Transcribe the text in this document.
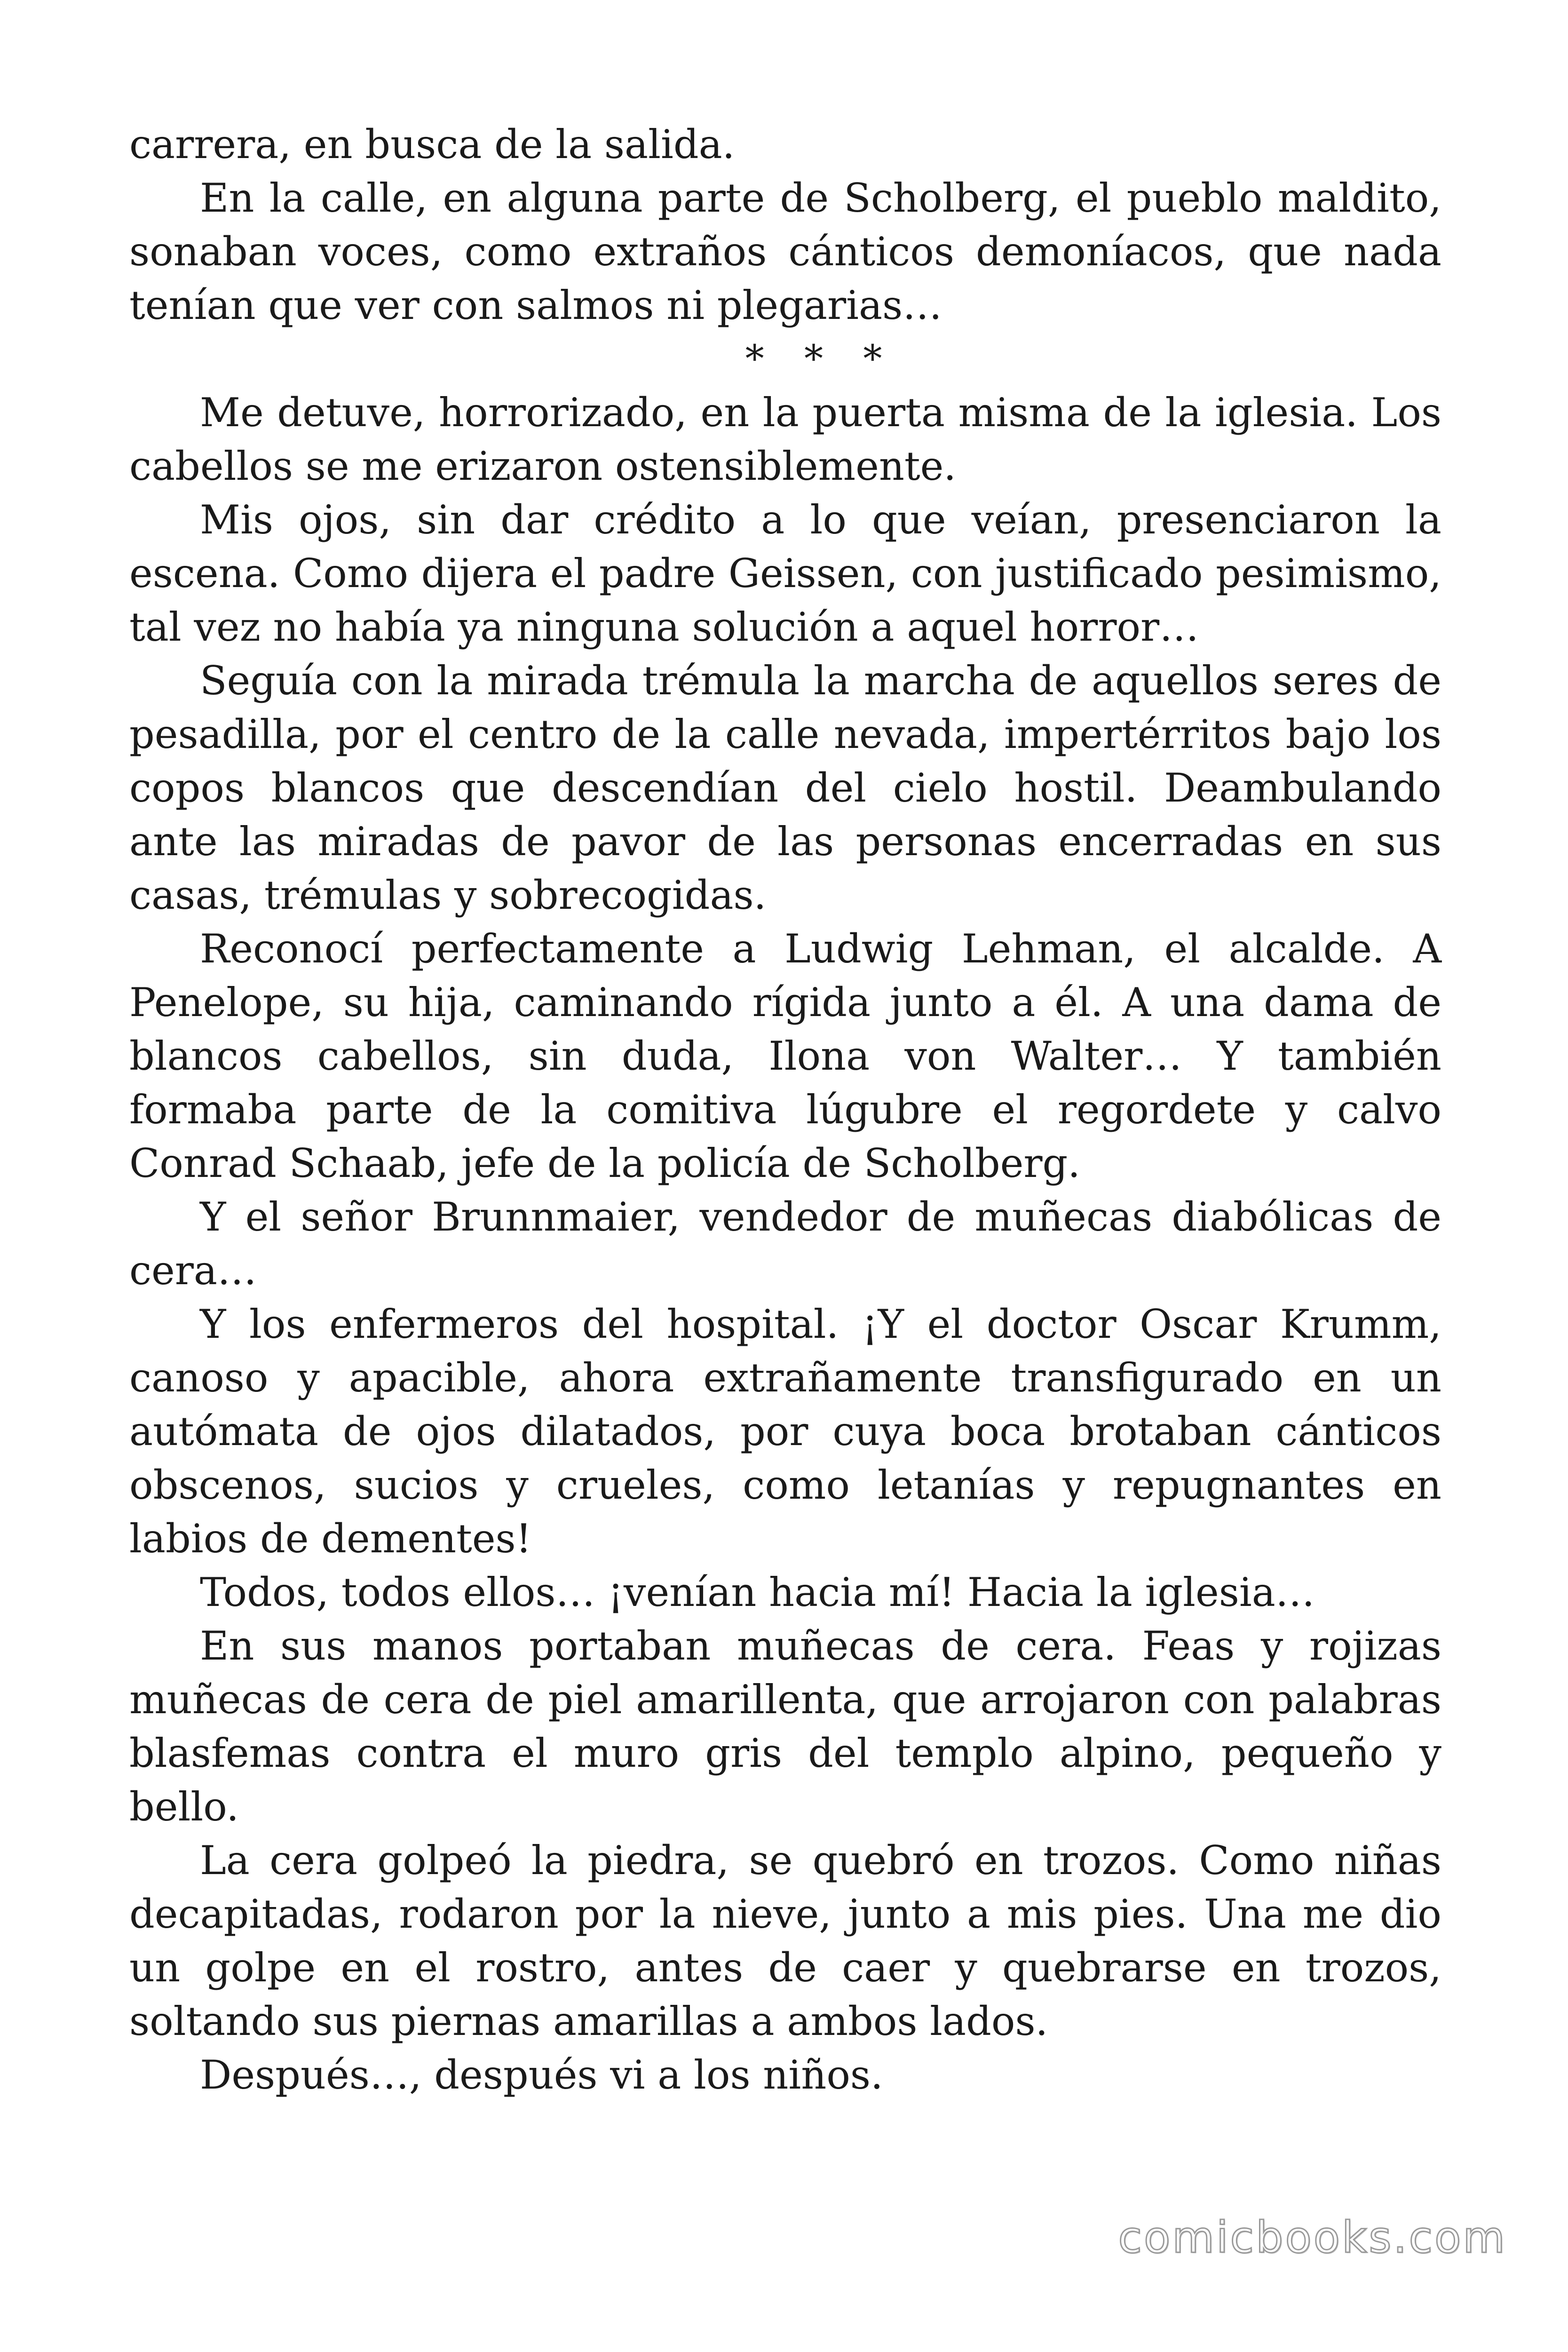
carrera, en busca de la salida.

En la calle, en alguna parte de Scholberg, el pueblo maldito, sonaban voces, como extraños cánticos demoníacos, que nada tenían que ver con salmos ni plegarias…

* * *

Me detuve, horrorizado, en la puerta misma de la iglesia. Los cabellos se me erizaron ostensiblemente.

Mis ojos, sin dar crédito a lo que veían, presenciaron la escena. Como dijera el padre Geissen, con justificado pesimismo, tal vez no había ya ninguna solución a aquel horror…

Seguía con la mirada trémula la marcha de aquellos seres de pesadilla, por el centro de la calle nevada, impertérritos bajo los copos blancos que descendían del cielo hostil. Deambulando ante las miradas de pavor de las personas encerradas en sus casas, trémulas y sobrecogidas.

Reconocí perfectamente a Ludwig Lehman, el alcalde. A Penelope, su hija, caminando rígida junto a él. A una dama de blancos cabellos, sin duda, Ilona von Walter… Y también formaba parte de la comitiva lúgubre el regordete y calvo Conrad Schaab, jefe de la policía de Scholberg.

Y el señor Brunnmaier, vendedor de muñecas diabólicas de cera…

Y los enfermeros del hospital. ¡Y el doctor Oscar Krumm, canoso y apacible, ahora extrañamente transfigurado en un autómata de ojos dilatados, por cuya boca brotaban cánticos obscenos, sucios y crueles, como letanías y repugnantes en labios de dementes!

Todos, todos ellos… ¡venían hacia mí! Hacia la iglesia…

En sus manos portaban muñecas de cera. Feas y rojizas muñecas de cera de piel amarillenta, que arrojaron con palabras blasfemas contra el muro gris del templo alpino, pequeño y bello.

La cera golpeó la piedra, se quebró en trozos. Como niñas decapitadas, rodaron por la nieve, junto a mis pies. Una me dio un golpe en el rostro, antes de caer y quebrarse en trozos, soltando sus piernas amarillas a ambos lados.

Después…, después vi a los niños.

comicbooks.com
